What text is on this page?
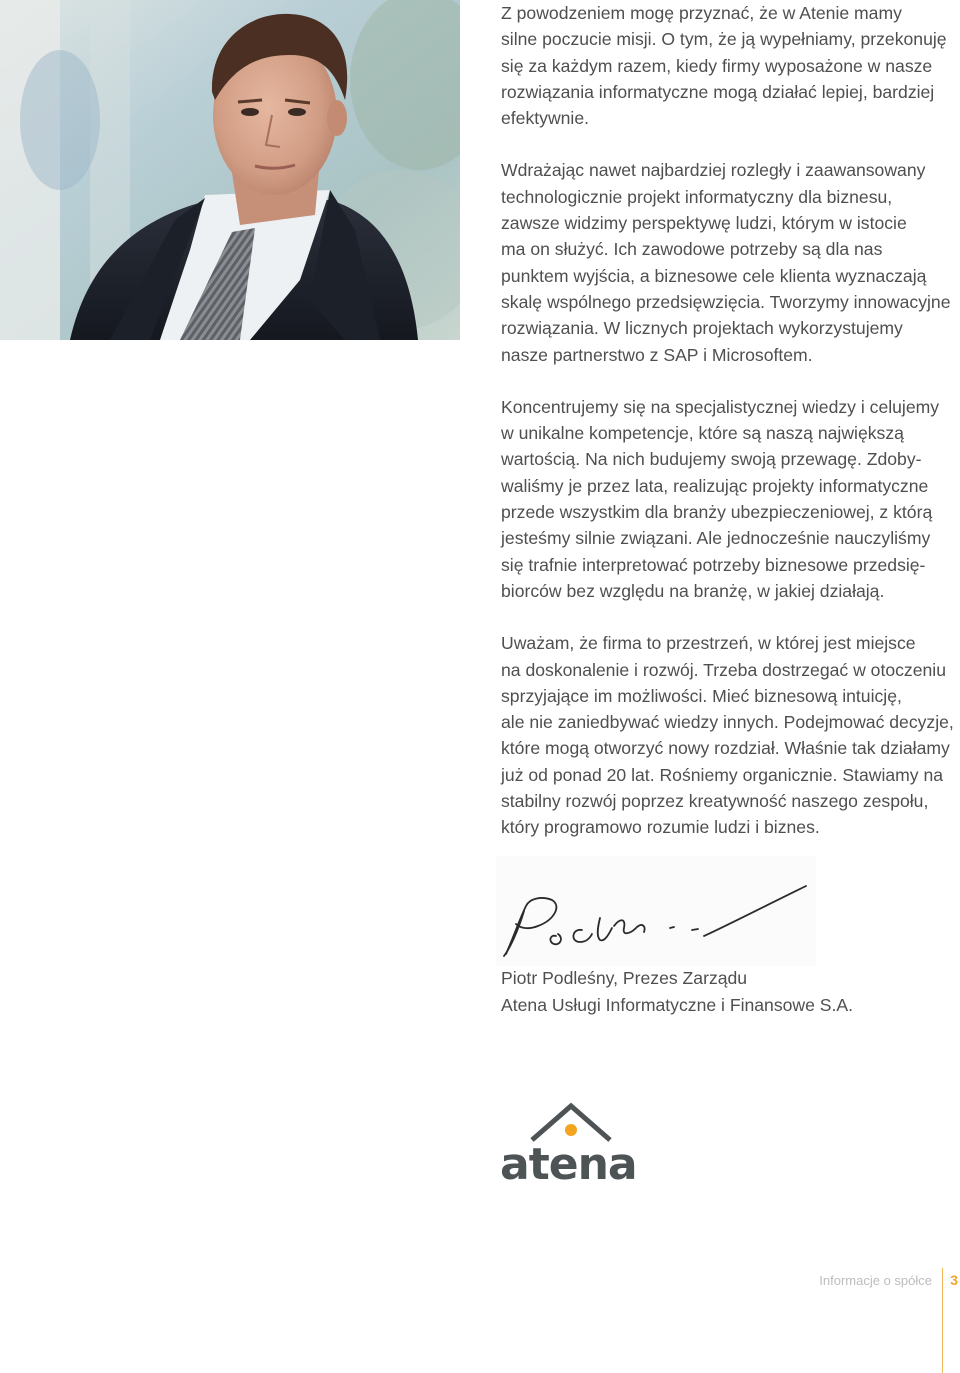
Z powodzeniem mogę przyznać, że w Atenie mamy
silne poczucie misji. O tym, że ją wypełniamy, przekonuję
się za każdym razem, kiedy firmy wyposażone w nasze
rozwiązania informatyczne mogą działać lepiej, bardziej
efektywnie.

Wdrażając nawet najbardziej rozległy i zaawansowany
technologicznie projekt informatyczny dla biznesu,
zawsze widzimy perspektywę ludzi, którym w istocie
ma on służyć. Ich zawodowe potrzeby są dla nas
punktem wyjścia, a biznesowe cele klienta wyznaczają
skalę wspólnego przedsięwzięcia. Tworzymy innowacyjne
rozwiązania. W licznych projektach wykorzystujemy
nasze partnerstwo z SAP i Microsoftem.

Koncentrujemy się na specjalistycznej wiedzy i celujemy
w unikalne kompetencje, które są naszą największą
wartością. Na nich budujemy swoją przewagę. Zdoby-
waliśmy je przez lata, realizując projekty informatyczne
przede wszystkim dla branży ubezpieczeniowej, z którą
jesteśmy silnie związani. Ale jednocześnie nauczyliśmy
się trafnie interpretować potrzeby biznesowe przedsię-
biorców bez względu na branżę, w jakiej działają.

Uważam, że firma to przestrzeń, w której jest miejsce
na doskonalenie i rozwój. Trzeba dostrzegać w otoczeniu
sprzyjające im możliwości. Mieć biznesową intuicję,
ale nie zaniedbywać wiedzy innych. Podejmować decyzje,
które mogą otworzyć nowy rozdział. Właśnie tak działamy
już od ponad 20 lat. Rośniemy organicznie. Stawiamy na
stabilny rozwój poprzez kreatywność naszego zespołu,
który programowo rozumie ludzi i biznes.

Piotr Podleśny, Prezes Zarządu
Atena Usługi Informatyczne i Finansowe S.A.
atena
Informacje o spółce 3
